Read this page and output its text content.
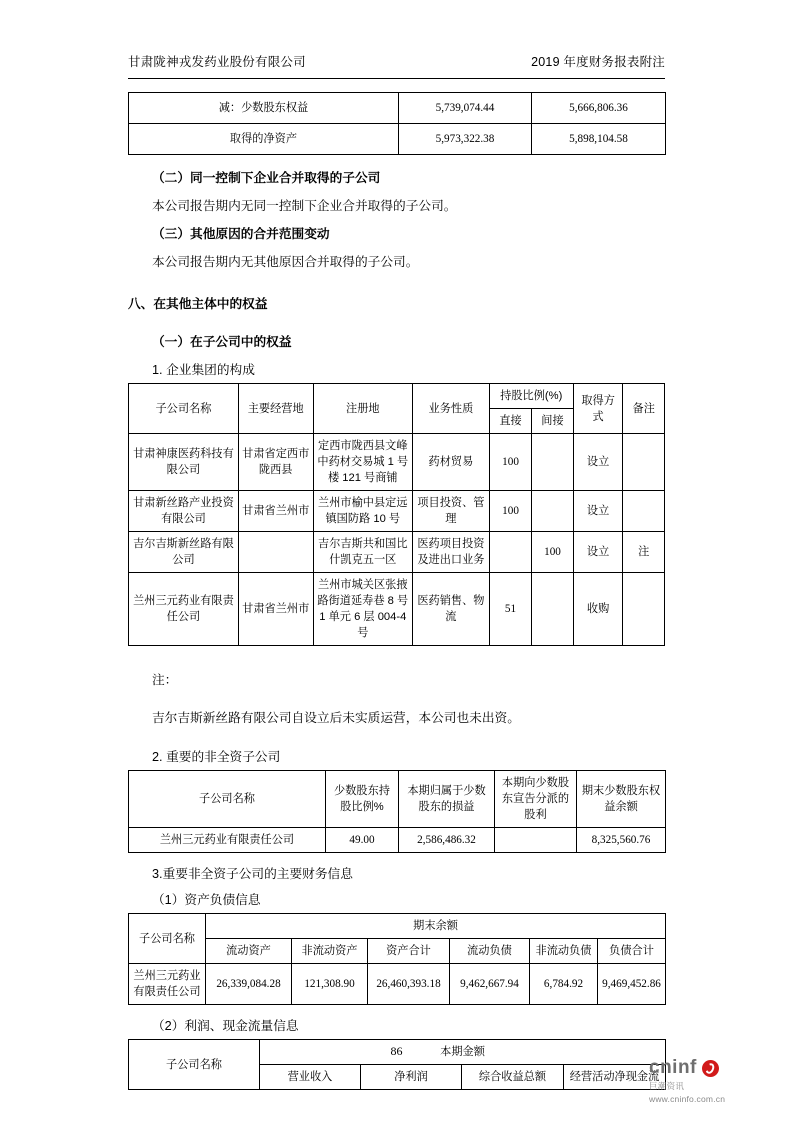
甘肃陇神戎发药业股份有限公司	2019 年度财务报表附注
减：少数股东权益	5,739,074.44	5,666,806.36
取得的净资产	5,973,322.38	5,898,104.58

（二）同一控制下企业合并取得的子公司

本公司报告期内无同一控制下企业合并取得的子公司。

（三）其他原因的合并范围变动

本公司报告期内无其他原因合并取得的子公司。

八、在其他主体中的权益

（一）在子公司中的权益

1. 企业集团的构成

子公司名称	主要经营地	注册地	业务性质	持股比例(%)		取得方式	备注
				直接	间接		
甘肃神康医药科技有限公司	甘肃省定西市陇西县	定西市陇西县文峰中药材交易城 1 号楼 121 号商铺	药材贸易	100		设立	
甘肃新丝路产业投资有限公司	甘肃省兰州市	兰州市榆中县定远镇国防路 10 号	项目投资、管理	100		设立	
吉尔吉斯新丝路有限公司		吉尔吉斯共和国比什凯克五一区	医药项目投资及进出口业务		100	设立	注
兰州三元药业有限责任公司	甘肃省兰州市	兰州市城关区张掖路街道延寿巷 8 号 1 单元 6 层 004-4 号	医药销售、物流	51		收购	

注：

吉尔吉斯新丝路有限公司自设立后未实质运营，本公司也未出资。

2. 重要的非全资子公司

子公司名称	少数股东持股比例%	本期归属于少数股东的损益	本期向少数股东宣告分派的股利	期末少数股东权益余额
兰州三元药业有限责任公司	49.00	2,586,486.32		8,325,560.76

3.重要非全资子公司的主要财务信息

（1）资产负债信息

子公司名称	期末余额					
	流动资产	非流动资产	资产合计	流动负债	非流动负债	负债合计
兰州三元药业有限责任公司	26,339,084.28	121,308.90	26,460,393.18	9,462,667.94	6,784.92	9,469,452.86

（2）利润、现金流量信息

子公司名称	本期金额			
	营业收入	净利润	综合收益总额	经营活动净现金流
86
cninf
巨潮资讯
www.cninfo.com.cn
